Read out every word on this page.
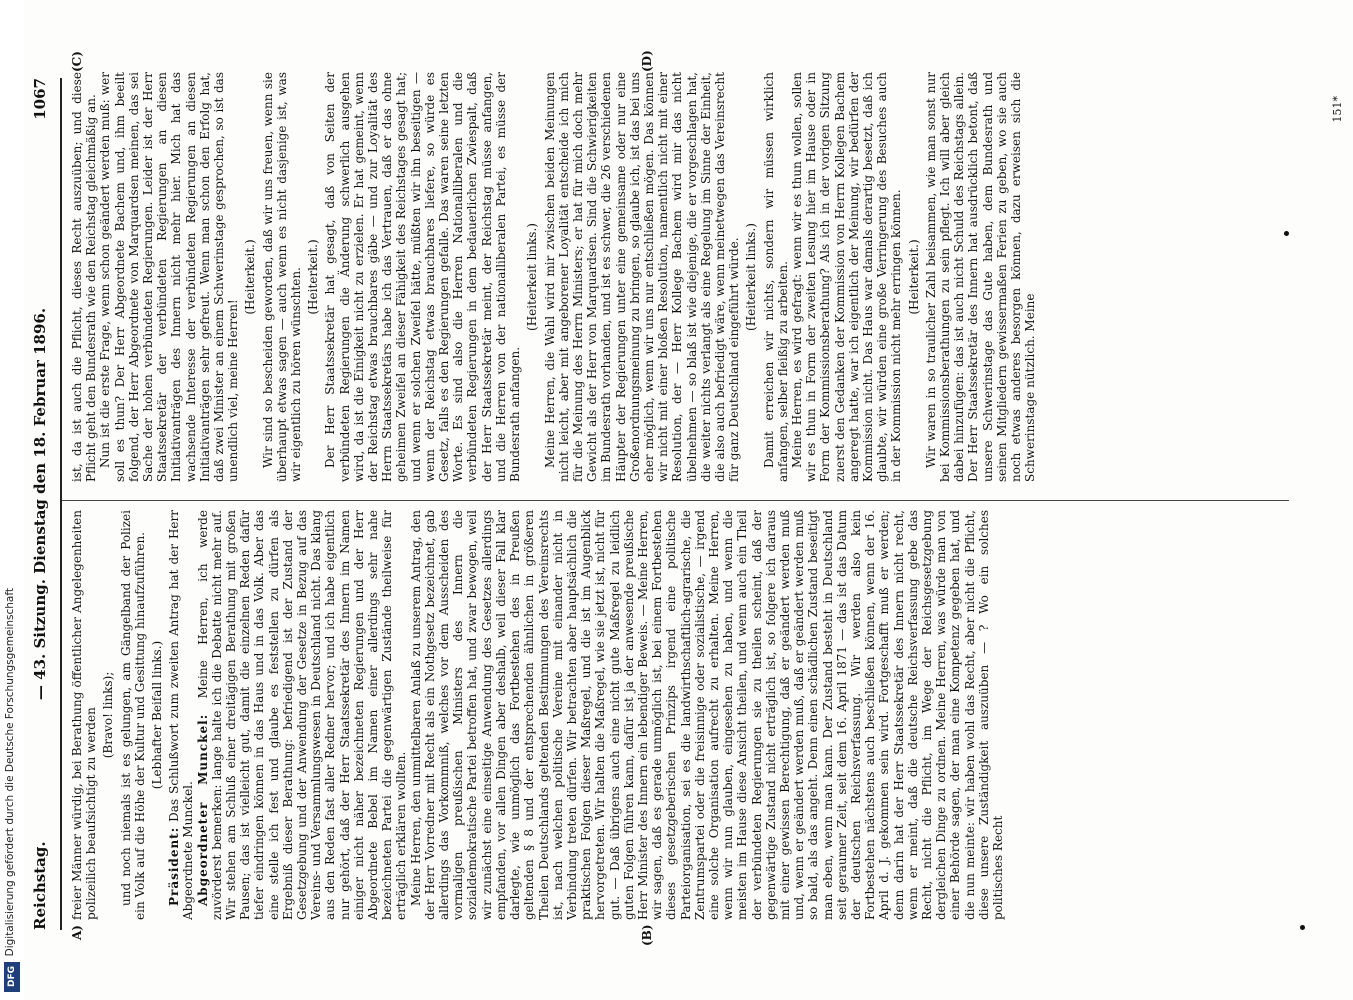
Reichstag.
— 43. Sitzung. Dienstag den 18. Februar 1896.
1067
A)	(B)
(C)	(D)

freier Männer würdig, bei Berathung öffentlicher Angelegenheiten polizeilich beaufsichtigt zu werden (Bravo! links); und noch niemals ist es gelungen, am Gängelband der Polizei ein Volk auf die Höhe der Kultur und Gesittung hinaufzuführen. (Lebhafter Beifall links.)

Präsident: Das Schlußwort zum zweiten Antrag hat der Herr Abgeordnete Munckel. Abgeordneter Munckel: Meine Herren, ich werde zuvörderst bemerken: lange halte ich die Debatte nicht mehr auf. Wir stehen am Schluß einer dreitägigen Berathung mit großen Pausen; das ist vielleicht gut, damit die einzelnen Reden dafür tiefer eindringen können in das Haus und in das Volk. Aber das eine stelle ich fest und glaube es feststellen zu dürfen als Ergebniß dieser Berathung: befriedigend ist der Zustand der Gesetzgebung und der Anwendung der Gesetze in Bezug auf das Vereins- und Versammlungswesen in Deutschland nicht. Das klang aus den Reden fast aller Redner hervor; und ich habe eigentlich nur gehört, daß der Herr Staatssekretär des Innern im Namen einiger nicht näher bezeichneten Regierungen und der Herr Abgeordnete Bebel im Namen einer allerdings sehr nahe bezeichneten Partei die gegenwärtigen Zustände theilweise für erträglich erklären wollten. Meine Herren, den unmittelbaren Anlaß zu unserem Antrag, den der Herr Vorredner mit Recht als ein Nothgesetz bezeichnet, gab allerdings das Vorkommniß, welches vor dem Ausscheiden des vormaligen preußischen Ministers des Innern die sozialdemokratische Partei betroffen hat, und zwar bewogen, weil wir zunächst eine einseitige Anwendung des Gesetzes allerdings empfanden, vor allen Dingen aber deshalb, weil dieser Fall klar darlegte, wie unmöglich das Fortbestehen des in Preußen geltenden § 8 und der entsprechenden ähnlichen in größeren Theilen Deutschlands geltenden Bestimmungen des Vereinsrechts ist, nach welchen politische Vereine mit einander nicht in Verbindung treten dürfen. Wir betrachten aber hauptsächlich die praktischen Folgen dieser Maßregel, und die ist im Augenblick hervorgetreten. Wir halten die Maßregel, wie sie jetzt ist, nicht für gut. — Daß übrigens auch eine nicht gute Maßregel zu leidlich guten Folgen führen kann, dafür ist ja der anwesende preußische Herr Minister des Innern ein lebendiger Beweis. — Meine Herren, wir sagen, daß es gerade unmöglich ist, bei einem Fortbestehen dieses gesetzgeberischen Prinzips irgend eine politische Parteiorganisation, sei es die landwirthschaftlich-agrarische, die Zentrumspartei oder die freisinnige oder sozialistische, — irgend eine solche Organisation aufrecht zu erhalten. Meine Herren, wenn wir nun glauben, eingesehen zu haben, und wenn die meisten im Hause diese Ansicht theilen, und wenn auch ein Theil der verbündeten Regierungen sie zu theilen scheint, daß der gegenwärtige Zustand nicht erträglich ist, so folgere ich daraus mit einer gewissen Berechtigung, daß er geändert werden muß und, wenn er geändert werden muß, daß er geändert werden muß so bald, als das angeht. Denn einen schädlichen Zustand beseitigt man eben, wenn man kann. Der Zustand besteht in Deutschland seit geraumer Zeit, seit dem 16. April 1871 — das ist das Datum der deutschen Reichsverfassung. Wir werden also kein Fortbestehen nächstens auch beschließen können, wenn der 16. April d. J. gekommen sein wird. Fortgeschafft muß er werden; denn darin hat der Herr Staatssekretär des Innern nicht recht, wenn er meint, daß die deutsche Reichsverfassung gebe das Recht, nicht die Pflicht, im Wege der Reichsgesetzgebung dergleichen Dinge zu ordnen. Meine Herren, was würde man von einer Behörde sagen, der man eine Kompetenz gegeben hat, und die nun meinte: wir haben wohl das Recht, aber nicht die Pflicht, diese unsere Zuständigkeit auszuüben — ? Wo ein solches politisches Recht

ist, da ist auch die Pflicht, dieses Recht auszuüben; und diese Pflicht geht den Bundesrath wie den Reichstag gleichmäßig an. Nun ist die erste Frage, wenn schon geändert werden muß: wer soll es thun? Der Herr Abgeordnete Bachem und, ihm beeilt folgend, der Herr Abgeordnete von Marquardsen meinen, das sei Sache der hohen verbündeten Regierungen. Leider ist der Herr Staatssekretär der verbündeten Regierungen an diesen Initiativanträgen des Innern nicht mehr hier. Mich hat das wachsende Interesse der verbündeten Regierungen an diesen Initiativanträgen sehr gefreut. Wenn man schon den Erfolg hat, daß zwei Minister an einem Schwerinstage gesprochen, so ist das unendlich viel, meine Herren!

(Heiterkeit.) Wir sind so bescheiden geworden, daß wir uns freuen, wenn sie überhaupt etwas sagen — auch wenn es nicht dasjenige ist, was wir eigentlich zu hören wünschten. (Heiterkeit.) Der Herr Staatssekretär hat gesagt, daß von Seiten der verbündeten Regierungen die Änderung schwerlich ausgehen wird, da ist die Einigkeit nicht zu erzielen. Er hat gemeint, wenn der Reichstag etwas brauchbares gäbe — und zur Loyalität des Herrn Staatssekretärs habe ich das Vertrauen, daß er das ohne geheimen Zweifel an dieser Fähigkeit des Reichstages gesagt hat; und wenn er solchen Zweifel hätte, müßten wir ihn beseitigen — wenn der Reichstag etwas brauchbares liefere, so würde es Gesetz, falls es den Regierungen gefalle. Das waren seine letzten Worte. Es sind also die Herren Nationalliberalen und die verbündeten Regierungen in dem bedauerlichen Zwiespalt, daß der Herr Staatssekretär meint, der Reichstag müsse anfangen, und die Herren von der nationalliberalen Partei, es müsse der Bundesrath anfangen.

(Heiterkeit links.) Meine Herren, die Wahl wird mir zwischen beiden Meinungen nicht leicht, aber mit angeborener Loyalität entscheide ich mich für die Meinung des Herrn Ministers; er hat für mich doch mehr Gewicht als der Herr von Marquardsen. Sind die Schwierigkeiten im Bundesrath vorhanden, und ist es schwer, die 26 verschiedenen Häupter der Regierungen unter eine gemeinsame oder nur eine Großenordnungsmeinung zu bringen, so glaube ich, ist das bei uns eher möglich, wenn wir uns nur entschließen mögen. Das können wir nicht mit einer bloßen Resolution, namentlich nicht mit einer Resolution, der — Herr Kollege Bachem wird mir das nicht übelnehmen — so blaß ist wie diejenige, die er vorgeschlagen hat, die weiter nichts verlangt als eine Regelung im Sinne der Einheit, die also auch befriedigt wäre, wenn meinetwegen das Vereinsrecht für ganz Deutschland eingeführt würde. (Heiterkeit links.) Damit erreichen wir nichts, sondern wir müssen wirklich anfangen, selber fleißig zu arbeiten. Meine Herren, es wird gefragt: wenn wir es thun wollen, sollen wir es thun in Form der zweiten Lesung hier im Hause oder in Form der Kommissionsberathung? Als ich in der vorigen Sitzung zuerst den Gedanken der Kommission von Herrn Kollegen Bachem angeregt hatte, war ich eigentlich der Meinung, wir bedürfen der Kommission nicht. Das Haus war damals derartig besetzt, daß ich glaubte, wir würden eine große Verringerung des Besuches auch in der Kommission nicht mehr erringen können. (Heiterkeit.) Wir waren in so traulicher Zahl beisammen, wie man sonst nur bei Kommissionsberathungen zu sein pflegt. Ich will aber gleich dabei hinzufügen: das ist auch nicht Schuld des Reichstags allein. Der Herr Staatssekretär des Innern hat ausdrücklich betont, daß unsere Schwerinstage das Gute haben, dem Bundesrath und seinen Mitgliedern gewissermaßen Ferien zu geben, wo sie auch noch etwas anderes besorgen können, dazu erweisen sich die Schwerinstage nützlich. Meine

151*
Digitalisierung gefördert durch die Deutsche Forschungsgemeinschaft
DFG
